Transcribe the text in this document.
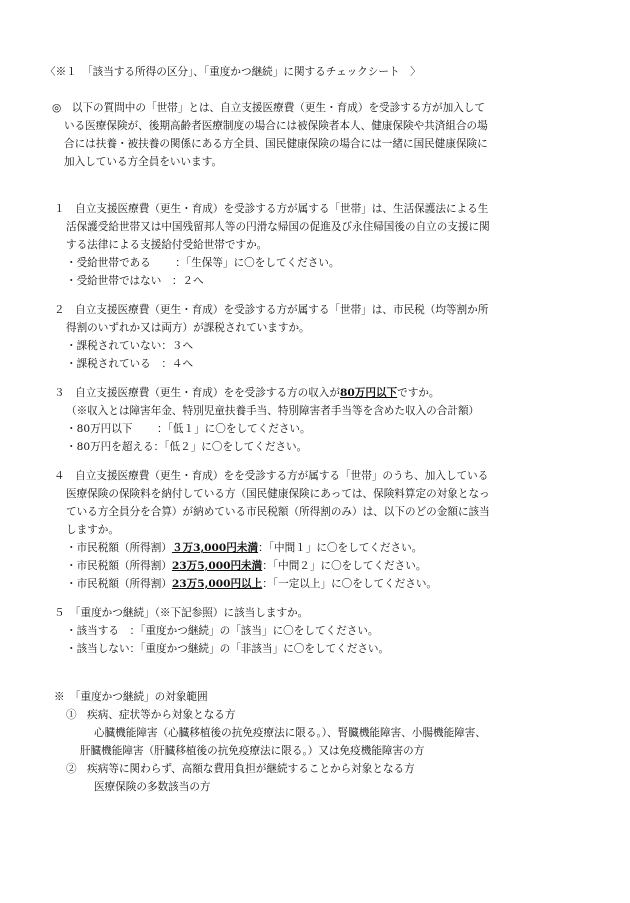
〈※１　「該当する所得の区分」、「重度かつ継続」に関するチェックシート　〉
◎　以下の質問中の「世帯」とは、自立支援医療費（更生・育成）を受診する方が加入して
いる医療保険が、後期高齢者医療制度の場合には被保険者本人、健康保険や共済組合の場
合には扶養・被扶養の関係にある方全員、国民健康保険の場合には一緒に国民健康保険に
加入している方全員をいいます。
１　自立支援医療費（更生・育成）を受診する方が属する「世帯」は、生活保護法による生
活保護受給世帯又は中国残留邦人等の円滑な帰国の促進及び永住帰国後の自立の支援に関
する法律による支援給付受給世帯ですか。
・受給世帯である　　 ：「生保等」に〇をしてください。
・受給世帯ではない　：２へ
２　自立支援医療費（更生・育成）を受診する方が属する「世帯」は、市民税（均等割か所
得割のいずれか又は両方）が課税されていますか。
・課税されていない：３へ
・課税されている　：４へ
３　自立支援医療費（更生・育成）をを受診する方の収入が80万円以下ですか。
（※収入とは障害年金、特別児童扶養手当、特別障害者手当等を含めた収入の合計額）
・80万円以下　　 ：「低１」に〇をしてください。
・80万円を超える：「低２」に〇をしてください。
４　自立支援医療費（更生・育成）をを受診する方が属する「世帯」のうち、加入している
医療保険の保険料を納付している方（国民健康保険にあっては、保険料算定の対象となっ
ている方全員分を合算）が納めている市民税額（所得割のみ）は、以下のどの金額に該当
しますか。
・市民税額（所得割）３万3,000円未満：「中間１」に〇をしてください。
・市民税額（所得割）23万5,000円未満：「中間２」に〇をしてください。
・市民税額（所得割）23万5,000円以上：「一定以上」に〇をしてください。
５　「重度かつ継続」（※下記参照）に該当しますか。
・該当する　：「重度かつ継続」の「該当」に〇をしてください。
・該当しない：「重度かつ継続」の「非該当」に〇をしてください。
※　「重度かつ継続」の対象範囲
①　疾病、症状等から対象となる方
心臓機能障害（心臓移植後の抗免疫療法に限る。）、腎臓機能障害、小腸機能障害、
肝臓機能障害（肝臓移植後の抗免疫療法に限る。）又は免疫機能障害の方
②　疾病等に関わらず、高額な費用負担が継続することから対象となる方
医療保険の多数該当の方
